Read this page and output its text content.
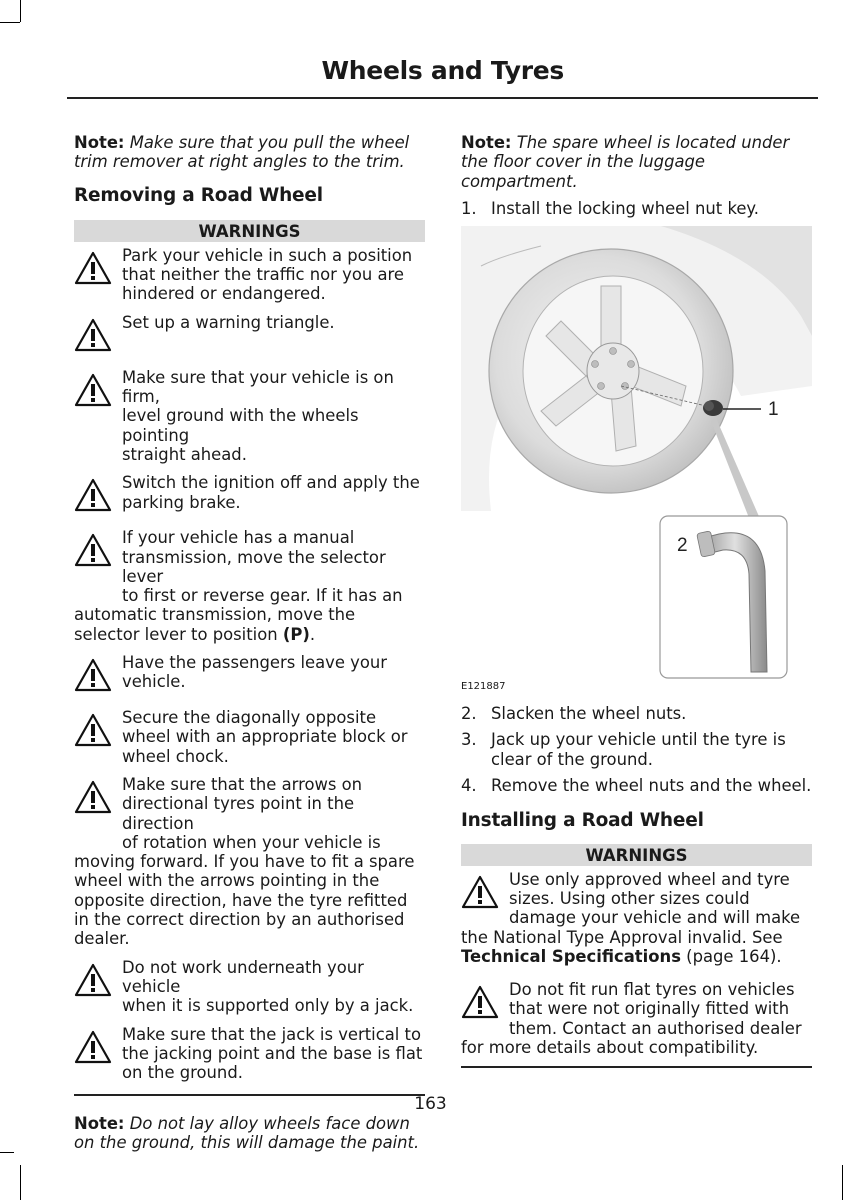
Wheels and Tyres

Note: Make sure that you pull the wheel trim remover at right angles to the trim.

Removing a Road Wheel
WARNINGS
Park your vehicle in such a position
that neither the traffic nor you are
hindered or endangered.
Set up a warning triangle.
Make sure that your vehicle is on firm,
level ground with the wheels pointing
straight ahead.
Switch the ignition off and apply the
parking brake.
If your vehicle has a manual
transmission, move the selector lever
to first or reverse gear. If it has an
automatic transmission, move the selector lever to position (P).
Have the passengers leave your
vehicle.
Secure the diagonally opposite
wheel with an appropriate block or
wheel chock.
Make sure that the arrows on
directional tyres point in the direction
of rotation when your vehicle is
moving forward. If you have to fit a spare wheel with the arrows pointing in the opposite direction, have the tyre refitted in the correct direction by an authorised dealer.
Do not work underneath your vehicle
when it is supported only by a jack.
Make sure that the jack is vertical to
the jacking point and the base is flat
on the ground.

Note: Do not lay alloy wheels face down on the ground, this will damage the paint.

Note: The spare wheel is located under the floor cover in the luggage compartment.

1. Install the locking wheel nut key.
1
2
E121887
2. Slacken the wheel nuts.
3. Jack up your vehicle until the tyre is clear of the ground.
4. Remove the wheel nuts and the wheel.
Installing a Road Wheel
WARNINGS
Use only approved wheel and tyre
sizes. Using other sizes could
damage your vehicle and will make
the National Type Approval invalid. See
Technical Specifications (page 164).
Do not fit run flat tyres on vehicles
that were not originally fitted with
them. Contact an authorised dealer
for more details about compatibility.
163
